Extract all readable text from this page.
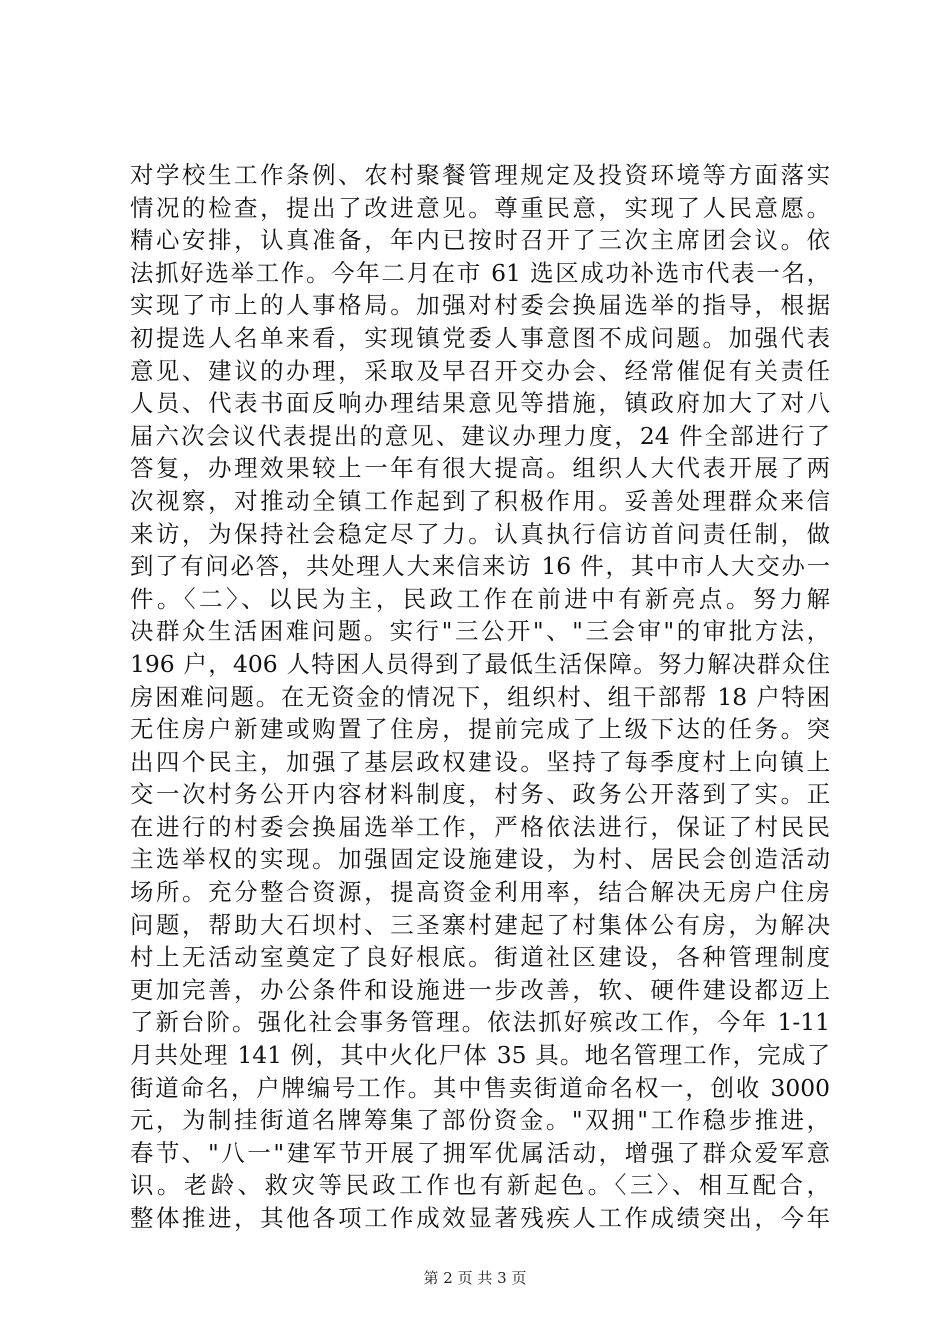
对学校生工作条例、农村聚餐管理规定及投资环境等方面落实
情况的检查，提出了改进意见。尊重民意，实现了人民意愿。
精心安排，认真准备，年内已按时召开了三次主席团会议。依
法抓好选举工作。今年二月在市 61 选区成功补选市代表一名，
实现了市上的人事格局。加强对村委会换届选举的指导，根据
初提选人名单来看，实现镇党委人事意图不成问题。加强代表
意见、建议的办理，采取及早召开交办会、经常催促有关责任
人员、代表书面反响办理结果意见等措施，镇政府加大了对八
届六次会议代表提出的意见、建议办理力度，24 件全部进行了
答复，办理效果较上一年有很大提高。组织人大代表开展了两
次视察，对推动全镇工作起到了积极作用。妥善处理群众来信
来访，为保持社会稳定尽了力。认真执行信访首问责任制，做
到了有问必答，共处理人大来信来访 16 件，其中市人大交办一
件。〈二〉、以民为主，民政工作在前进中有新亮点。努力解
决群众生活困难问题。实行"三公开"、"三会审"的审批方法，
196 户，406 人特困人员得到了最低生活保障。努力解决群众住
房困难问题。在无资金的情况下，组织村、组干部帮 18 户特困
无住房户新建或购置了住房，提前完成了上级下达的任务。突
出四个民主，加强了基层政权建设。坚持了每季度村上向镇上
交一次村务公开内容材料制度，村务、政务公开落到了实。正
在进行的村委会换届选举工作，严格依法进行，保证了村民民
主选举权的实现。加强固定设施建设，为村、居民会创造活动
场所。充分整合资源，提高资金利用率，结合解决无房户住房
问题，帮助大石坝村、三圣寨村建起了村集体公有房，为解决
村上无活动室奠定了良好根底。街道社区建设，各种管理制度
更加完善，办公条件和设施进一步改善，软、硬件建设都迈上
了新台阶。强化社会事务管理。依法抓好殡改工作，今年 1-11
月共处理 141 例，其中火化尸体 35 具。地名管理工作，完成了
街道命名，户牌编号工作。其中售卖街道命名权一，创收 3000
元，为制挂街道名牌筹集了部份资金。"双拥"工作稳步推进，
春节、"八一"建军节开展了拥军优属活动，增强了群众爱军意
识。老龄、救灾等民政工作也有新起色。〈三〉、相互配合，
整体推进，其他各项工作成效显著残疾人工作成绩突出，今年
第 2 页 共 3 页
